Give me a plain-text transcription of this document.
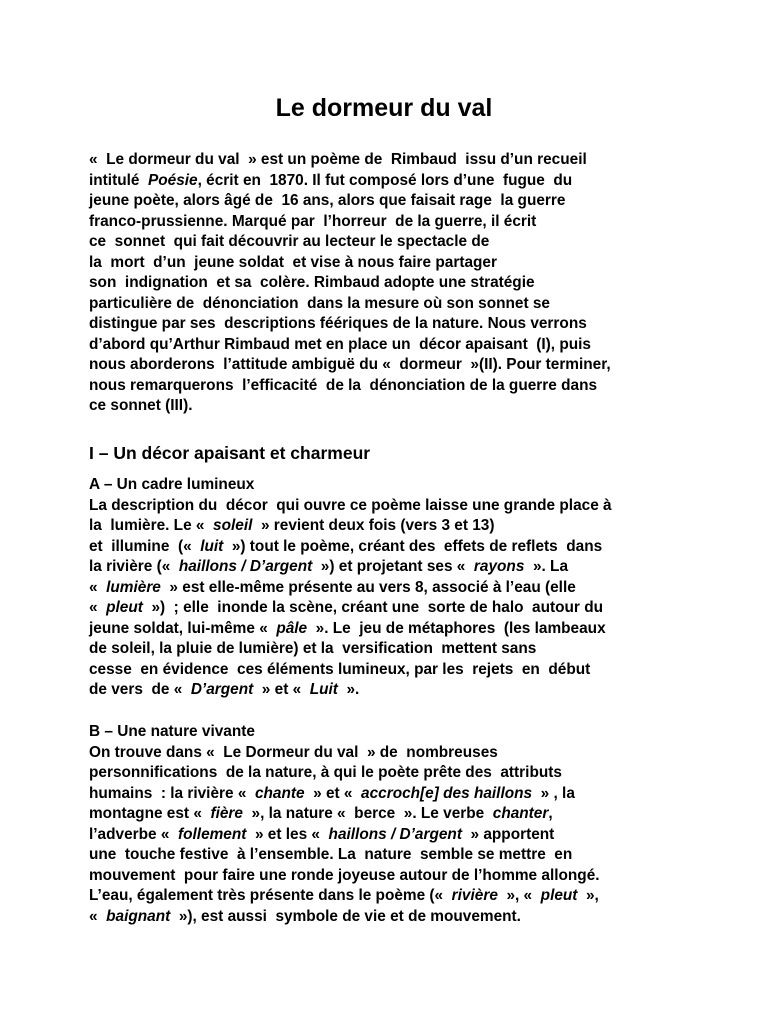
Le dormeur du val
«  Le dormeur du val  » est un poème de  Rimbaud  issu d’un recueil
intitulé  Poésie, écrit en  1870. Il fut composé lors d’une  fugue  du
jeune poète, alors âgé de  16 ans, alors que faisait rage  la guerre
franco-prussienne. Marqué par  l’horreur  de la guerre, il écrit
ce  sonnet  qui fait découvrir au lecteur le spectacle de
la  mort  d’un  jeune soldat  et vise à nous faire partager
son  indignation  et sa  colère. Rimbaud adopte une stratégie
particulière de  dénonciation  dans la mesure où son sonnet se
distingue par ses  descriptions féériques de la nature. Nous verrons
d’abord qu’Arthur Rimbaud met en place un  décor apaisant  (I), puis
nous aborderons  l’attitude ambiguë du «  dormeur  »(II). Pour terminer,
nous remarquerons  l’efficacité  de la  dénonciation de la guerre dans
ce sonnet (III).
I – Un décor apaisant et charmeur
A – Un cadre lumineux
La description du  décor  qui ouvre ce poème laisse une grande place à
la  lumière. Le «  soleil  » revient deux fois (vers 3 et 13)
et  illumine  («  luit  ») tout le poème, créant des  effets de reflets  dans
la rivière («  haillons / D’argent  ») et projetant ses «  rayons  ». La
«  lumière  » est elle-même présente au vers 8, associé à l’eau (elle
«  pleut  »)  ; elle  inonde la scène, créant une  sorte de halo  autour du
jeune soldat, lui-même «  pâle  ». Le  jeu de métaphores  (les lambeaux
de soleil, la pluie de lumière) et la  versification  mettent sans
cesse  en évidence  ces éléments lumineux, par les  rejets  en  début
de vers  de «  D’argent  » et «  Luit  ».
B – Une nature vivante
On trouve dans «  Le Dormeur du val  » de  nombreuses
personnifications  de la nature, à qui le poète prête des  attributs
humains  : la rivière «  chante  » et «  accroch[e] des haillons  » , la
montagne est «  fière  », la nature «  berce  ». Le verbe  chanter,
l’adverbe «  follement  » et les «  haillons / D’argent  » apportent
une  touche festive  à l’ensemble. La  nature  semble se mettre  en
mouvement  pour faire une ronde joyeuse autour de l’homme allongé.
L’eau, également très présente dans le poème («  rivière  », «  pleut  »,
«  baignant  »), est aussi  symbole de vie et de mouvement.
